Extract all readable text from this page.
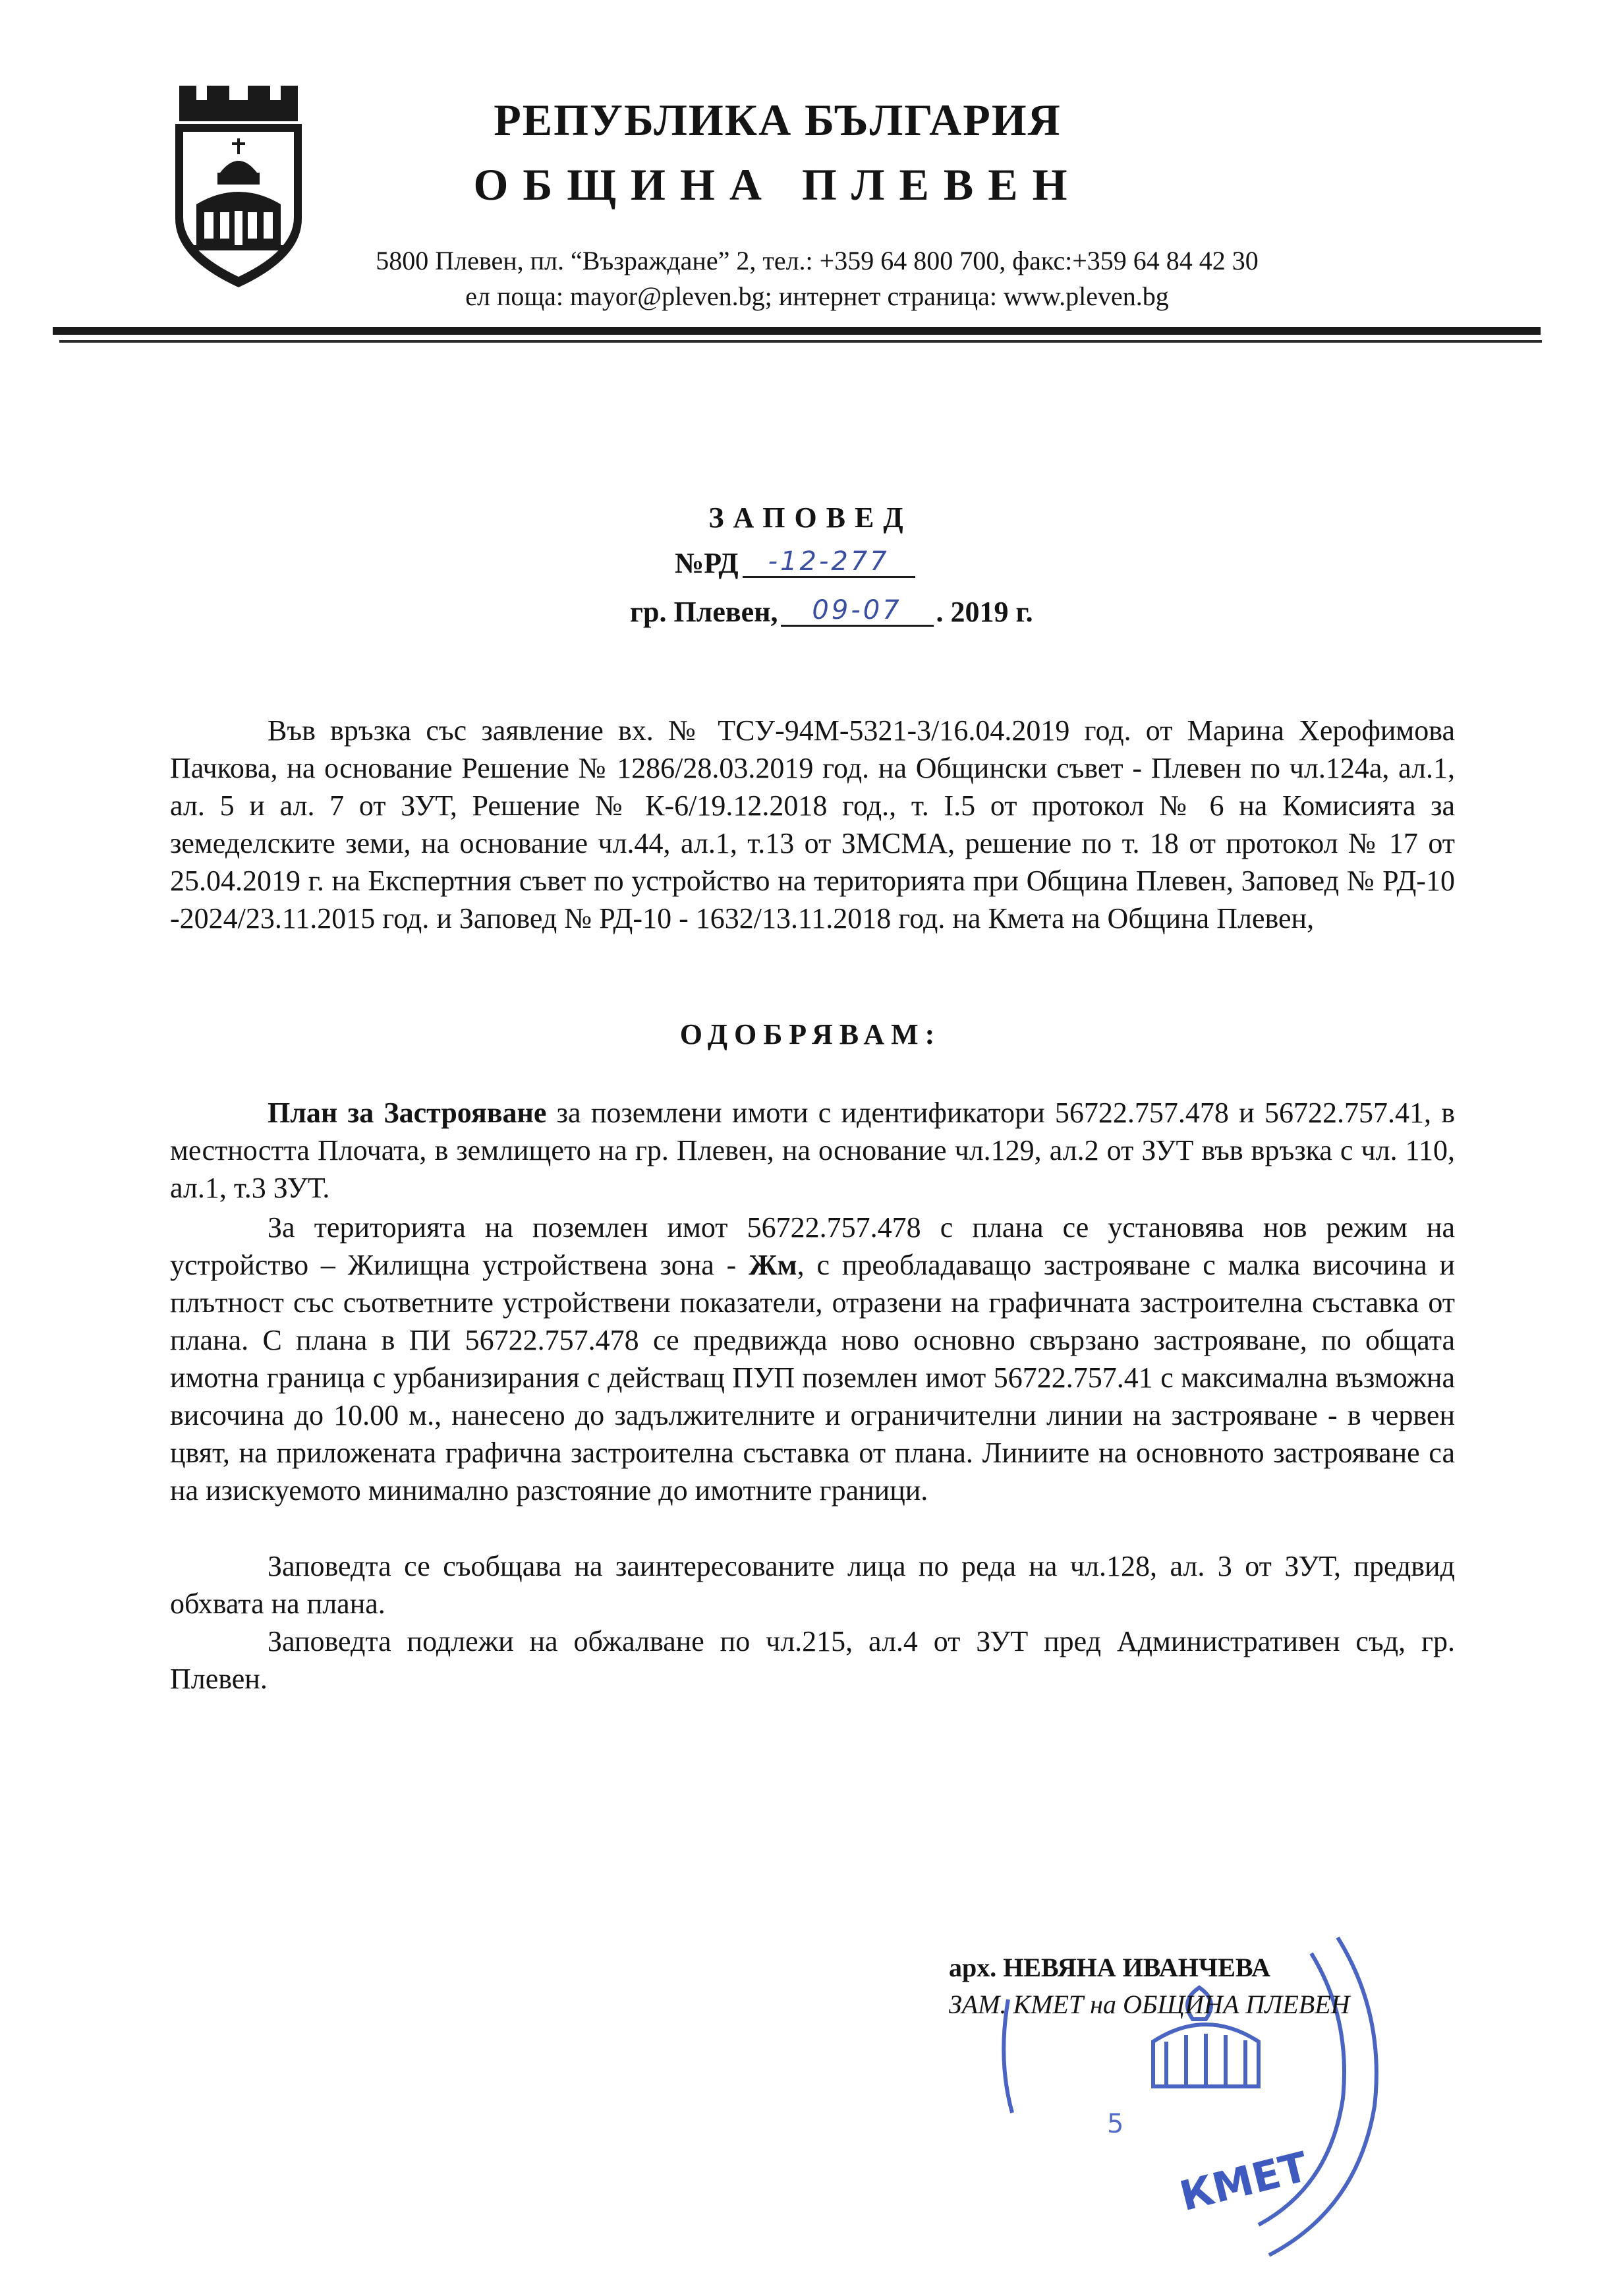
РЕПУБЛИКА БЪЛГАРИЯ
ОБЩИНА ПЛЕВЕН
5800 Плевен, пл. “Възраждане” 2, тел.: +359 64 800 700, факс:+359 64 84 42 30
ел поща: mayor@pleven.bg; интернет страница: www.pleven.bg
ЗАПОВЕД
№РД	-12-277
гр. Плевен,	09-07	. 2019 г.

Във връзка със заявление вх. № ТСУ-94М-5321-3/16.04.2019 год. от Марина Херофимова Пачкова, на основание Решение № 1286/28.03.2019 год. на Общински съвет - Плевен по чл.124а, ал.1, ал. 5 и ал. 7 от ЗУТ, Решение № К-6/19.12.2018 год., т. I.5 от протокол № 6 на Комисията за земеделските земи, на основание чл.44, ал.1, т.13 от ЗМСМА, решение по т. 18 от протокол № 17 от 25.04.2019 г. на Експертния съвет по устройство на територията при Община Плевен, Заповед № РД-10 -2024/23.11.2015 год. и Заповед № РД-10 - 1632/13.11.2018 год. на Кмета на Община Плевен,

ОДОБРЯВАМ:

План за Застрояване за поземлени имоти с идентификатори 56722.757.478 и 56722.757.41, в местността Плочата, в землището на гр. Плевен, на основание чл.129, ал.2 от ЗУТ във връзка с чл. 110, ал.1, т.3 ЗУТ.

За територията на поземлен имот 56722.757.478 с плана се установява нов режим на устройство – Жилищна устройствена зона - Жм, с преобладаващо застрояване с малка височина и плътност със съответните устройствени показатели, отразени на графичната застроителна съставка от плана. С плана в ПИ 56722.757.478 се предвижда ново основно свързано застрояване, по общата имотна граница с урбанизирания с действащ ПУП поземлен имот 56722.757.41 с максимална възможна височина до 10.00 м., нанесено до задължителните и ограничителни линии на застрояване - в червен цвят, на приложената графична застроителна съставка от плана. Линиите на основното застрояване са на изискуемото минимално разстояние до имотните граници.

Заповедта се съобщава на заинтересованите лица по реда на чл.128, ал. 3 от ЗУТ, предвид обхвата на плана.

Заповедта подлежи на обжалване по чл.215, ал.4 от ЗУТ пред Административен съд, гр. Плевен.

5
КМЕТ
арх. НЕВЯНА ИВАНЧЕВА
ЗАМ. КМЕТ на ОБЩИНА ПЛЕВЕН
